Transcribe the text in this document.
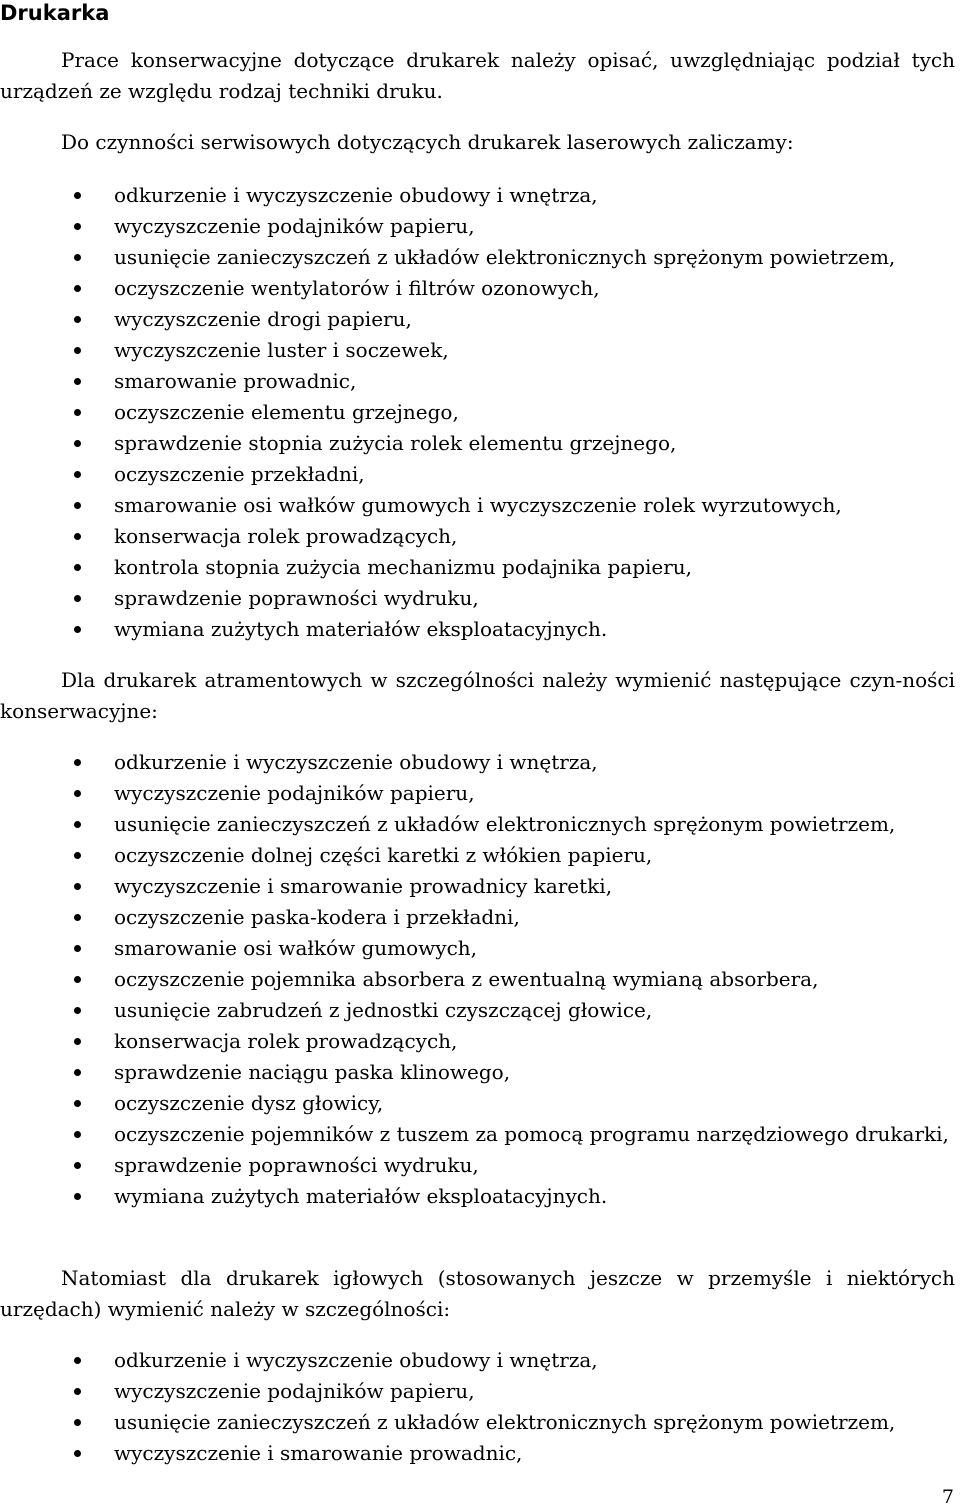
Drukarka

Prace konserwacyjne dotyczące drukarek należy opisać, uwzględniając podział tych urządzeń ze względu rodzaj techniki druku.

Do czynności serwisowych dotyczących drukarek laserowych zaliczamy:

odkurzenie i wyczyszczenie obudowy i wnętrza,
wyczyszczenie podajników papieru,
usunięcie zanieczyszczeń z układów elektronicznych sprężonym powietrzem,
oczyszczenie wentylatorów i filtrów ozonowych,
wyczyszczenie drogi papieru,
wyczyszczenie luster i soczewek,
smarowanie prowadnic,
oczyszczenie elementu grzejnego,
sprawdzenie stopnia zużycia rolek elementu grzejnego,
oczyszczenie przekładni,
smarowanie osi wałków gumowych i wyczyszczenie rolek wyrzutowych,
konserwacja rolek prowadzących,
kontrola stopnia zużycia mechanizmu podajnika papieru,
sprawdzenie poprawności wydruku,
wymiana zużytych materiałów eksploatacyjnych.

Dla drukarek atramentowych w szczególności należy wymienić następujące czyn-ności konserwacyjne:

odkurzenie i wyczyszczenie obudowy i wnętrza,
wyczyszczenie podajników papieru,
usunięcie zanieczyszczeń z układów elektronicznych sprężonym powietrzem,
oczyszczenie dolnej części karetki z włókien papieru,
wyczyszczenie i smarowanie prowadnicy karetki,
oczyszczenie paska-kodera i przekładni,
smarowanie osi wałków gumowych,
oczyszczenie pojemnika absorbera z ewentualną wymianą absorbera,
usunięcie zabrudzeń z jednostki czyszczącej głowice,
konserwacja rolek prowadzących,
sprawdzenie naciągu paska klinowego,
oczyszczenie dysz głowicy,
oczyszczenie pojemników z tuszem za pomocą programu narzędziowego drukarki,
sprawdzenie poprawności wydruku,
wymiana zużytych materiałów eksploatacyjnych.

Natomiast dla drukarek igłowych (stosowanych jeszcze w przemyśle i niektórych urzędach) wymienić należy w szczególności:

odkurzenie i wyczyszczenie obudowy i wnętrza,
wyczyszczenie podajników papieru,
usunięcie zanieczyszczeń z układów elektronicznych sprężonym powietrzem,
wyczyszczenie i smarowanie prowadnic,
7
